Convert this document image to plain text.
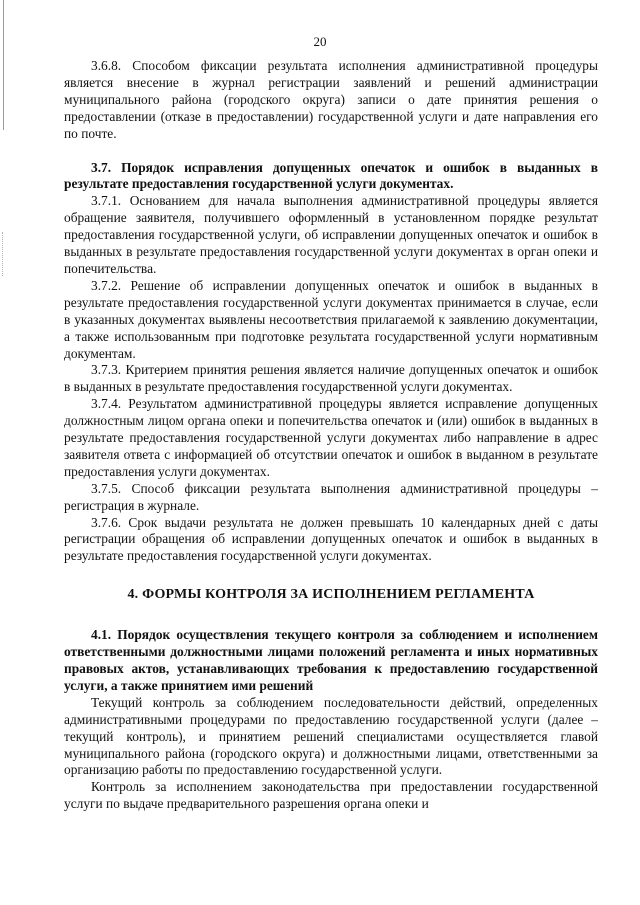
20

3.6.8. Способом фиксации результата исполнения административной процедуры является внесение в журнал регистрации заявлений и решений администрации муниципального района (городского округа) записи о дате принятия решения о предоставлении (отказе в предоставлении) государственной услуги и дате направления его по почте.

3.7. Порядок исправления допущенных опечаток и ошибок в выданных в результате предоставления государственной услуги документах.

3.7.1. Основанием для начала выполнения административной процедуры является обращение заявителя, получившего оформленный в установленном порядке результат предоставления государственной услуги, об исправлении допущенных опечаток и ошибок в выданных в результате предоставления государственной услуги документах в орган опеки и попечительства.

3.7.2. Решение об исправлении допущенных опечаток и ошибок в выданных в результате предоставления государственной услуги документах принимается в случае, если в указанных документах выявлены несоответствия прилагаемой к заявлению документации, а также использованным при подготовке результата государственной услуги нормативным документам.

3.7.3. Критерием принятия решения является наличие допущенных опечаток и ошибок в выданных в результате предоставления государственной услуги документах.

3.7.4. Результатом административной процедуры является исправление допущенных должностным лицом органа опеки и попечительства опечаток и (или) ошибок в выданных в результате предоставления государственной услуги документах либо направление в адрес заявителя ответа с информацией об отсутствии опечаток и ошибок в выданном в результате предоставления услуги документах.

3.7.5. Способ фиксации результата выполнения административной процедуры – регистрация в журнале.

3.7.6. Срок выдачи результата не должен превышать 10 календарных дней с даты регистрации обращения об исправлении допущенных опечаток и ошибок в выданных в результате предоставления государственной услуги документах.

4. ФОРМЫ КОНТРОЛЯ ЗА ИСПОЛНЕНИЕМ РЕГЛАМЕНТА

4.1. Порядок осуществления текущего контроля за соблюдением и исполнением ответственными должностными лицами положений регламента и иных нормативных правовых актов, устанавливающих требования к предоставлению государственной услуги, а также принятием ими решений

Текущий контроль за соблюдением последовательности действий, определенных административными процедурами по предоставлению государственной услуги (далее – текущий контроль), и принятием решений специалистами осуществляется главой муниципального района (городского округа) и должностными лицами, ответственными за организацию работы по предоставлению государственной услуги.

Контроль за исполнением законодательства при предоставлении государственной услуги по выдаче предварительного разрешения органа опеки и
